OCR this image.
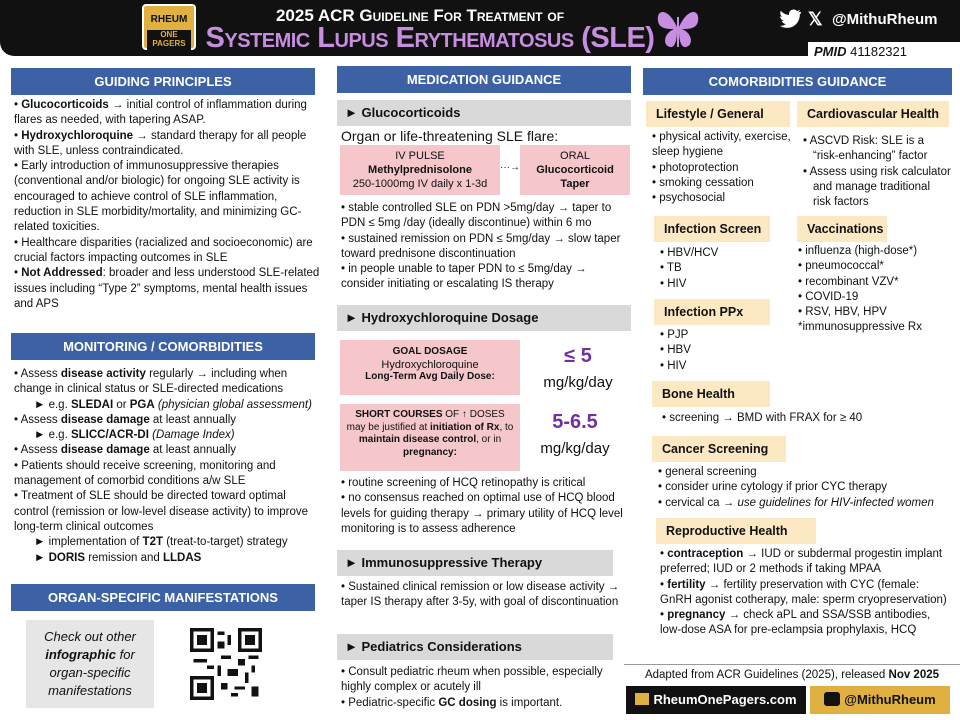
RHEUM
ONE PAGERS
2025 ACR Guideline For Treatment of
Systemic Lupus Erythematosus (SLE)
𝕏 @MithuRheum
PMID 41182321
GUIDING PRINCIPLES

• Glucocorticoids → initial control of inflammation during flares as needed, with tapering ASAP.

• Hydroxychloroquine → standard therapy for all people with SLE, unless contraindicated.

• Early introduction of immunosuppressive therapies (conventional and/or biologic) for ongoing SLE activity is encouraged to achieve control of SLE inflammation, reduction in SLE morbidity/mortality, and minimizing GC-related toxicities.

• Healthcare disparities (racialized and socioeconomic) are crucial factors impacting outcomes in SLE

• Not Addressed: broader and less understood SLE-related issues including “Type 2” symptoms, mental health issues and APS

MONITORING / COMORBIDITIES

• Assess disease activity regularly → including when change in clinical status or SLE-directed medications

► e.g. SLEDAI or PGA (physician global assessment)

• Assess disease damage at least annually

► e.g. SLICC/ACR-DI (Damage Index)

• Assess disease damage at least annually

• Patients should receive screening, monitoring and management of comorbid conditions a/w SLE

• Treatment of SLE should be directed toward optimal control (remission or low-level disease activity) to improve long-term clinical outcomes

► implementation of T2T (treat-to-target) strategy

► DORIS remission and LLDAS

ORGAN-SPECIFIC MANIFESTATIONS
Check out other
infographic for organ-specific manifestations
MEDICATION GUIDANCE
► Glucocorticoids
Organ or life-threatening SLE flare:
IV PULSE
Methylprednisolone
250-1000mg IV daily x 1-3d
···→
ORAL
Glucocorticoid
Taper

• stable controlled SLE on PDN >5mg/day → taper to PDN ≤ 5mg /day (ideally discontinue) within 6 mo

• sustained remission on PDN ≤ 5mg/day → slow taper toward prednisone discontinuation

• in people unable to taper PDN to ≤ 5mg/day → consider initiating or escalating IS therapy

► Hydroxychloroquine Dosage
GOAL DOSAGE
Hydroxychloroquine
Long-Term Avg Daily Dose:
≤ 5
mg/kg/day
SHORT COURSES OF ↑ DOSES
may be justified at initiation of Rx, to maintain disease control, or in pregnancy:
5-6.5
mg/kg/day

• routine screening of HCQ retinopathy is critical

• no consensus reached on optimal use of HCQ blood levels for guiding therapy → primary utility of HCQ level monitoring is to assess adherence

► Immunosuppressive Therapy
• Sustained clinical remission or low disease activity → taper IS therapy after 3-5y, with goal of discontinuation
► Pediatrics Considerations

• Consult pediatric rheum when possible, especially highly complex or acutely ill

• Pediatric-specific GC dosing is important.

COMORBIDITIES GUIDANCE
Lifestyle / General

• physical activity, exercise, sleep hygiene

• photoprotection

• smoking cessation

• psychosocial

Cardiovascular Health

• ASCVD Risk: SLE is a “risk-enhancing” factor

• Assess using risk calculator and manage traditional risk factors

Infection Screen

• HBV/HCV

• TB

• HIV

Vaccinations

• influenza (high-dose*)

• pneumococcal*

• recombinant VZV*

• COVID-19

• RSV, HBV, HPV

*immunosuppressive Rx

Infection PPx

• PJP

• HBV

• HIV

Bone Health
• screening → BMD with FRAX for ≥ 40
Cancer Screening

• general screening

• consider urine cytology if prior CYC therapy

• cervical ca → use guidelines for HIV-infected women

Reproductive Health

• contraception → IUD or subdermal progestin implant preferred; IUD or 2 methods if taking MPAA

• fertility → fertility preservation with CYC (female: GnRH agonist cotherapy, male: sperm cryopreservation)

• pregnancy → check aPL and SSA/SSB antibodies, low-dose ASA for pre-eclampsia prophylaxis, HCQ

Adapted from ACR Guidelines (2025), released Nov 2025
RheumOnePagers.com	@MithuRheum
